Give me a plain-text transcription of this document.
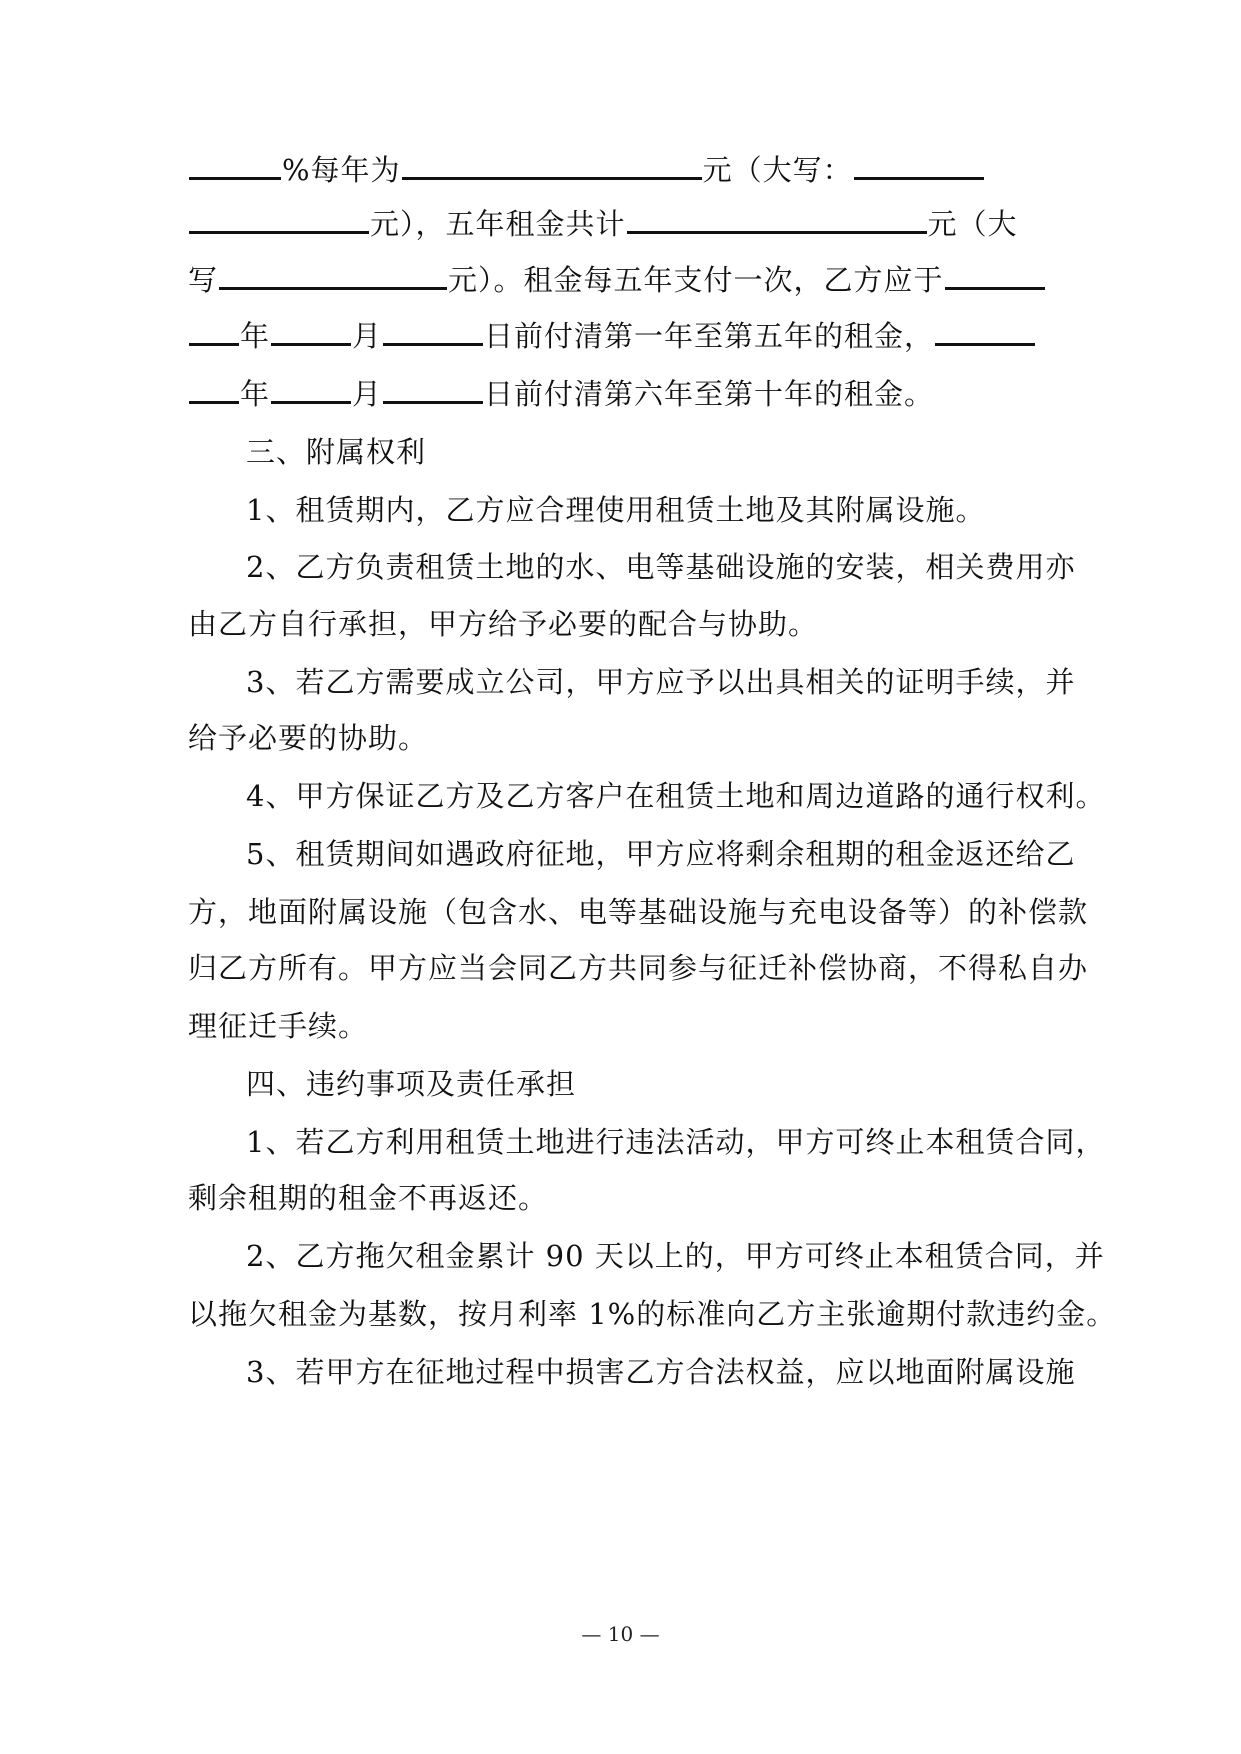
%每年为	元（大写：
元），五年租金共计	元（大
写	元）。租金每五年支付一次，乙方应于
年	月	日前付清第一年至第五年的租金，
年	月	日前付清第六年至第十年的租金。
三、附属权利
1、租赁期内，乙方应合理使用租赁土地及其附属设施。
2、乙方负责租赁土地的水、电等基础设施的安装，相关费用亦
由乙方自行承担，甲方给予必要的配合与协助。
3、若乙方需要成立公司，甲方应予以出具相关的证明手续，并
给予必要的协助。
4、甲方保证乙方及乙方客户在租赁土地和周边道路的通行权利。
5、租赁期间如遇政府征地，甲方应将剩余租期的租金返还给乙
方，地面附属设施（包含水、电等基础设施与充电设备等）的补偿款
归乙方所有。甲方应当会同乙方共同参与征迁补偿协商，不得私自办
理征迁手续。
四、违约事项及责任承担
1、若乙方利用租赁土地进行违法活动，甲方可终止本租赁合同，
剩余租期的租金不再返还。
2、乙方拖欠租金累计 90 天以上的，甲方可终止本租赁合同，并
以拖欠租金为基数，按月利率 1%的标准向乙方主张逾期付款违约金。
3、若甲方在征地过程中损害乙方合法权益，应以地面附属设施
— 10 —
